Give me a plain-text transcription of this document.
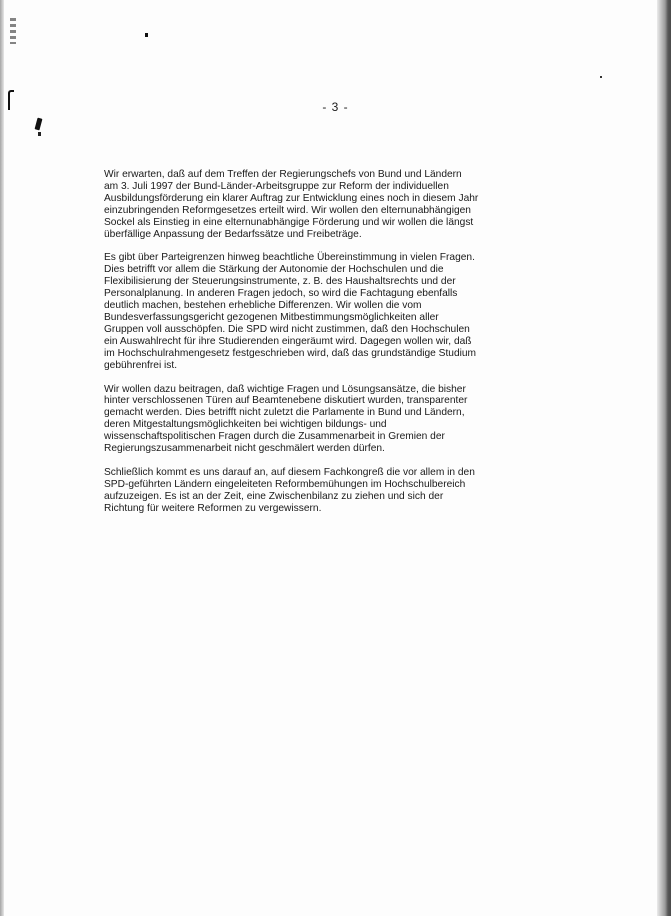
- 3 -

Wir erwarten, daß auf dem Treffen der Regierungschefs von Bund und Ländern
am 3. Juli 1997 der Bund-Länder-Arbeitsgruppe zur Reform der individuellen
Ausbildungsförderung ein klarer Auftrag zur Entwicklung eines noch in diesem Jahr
einzubringenden Reformgesetzes erteilt wird. Wir wollen den elternunabhängigen
Sockel als Einstieg in eine elternunabhängige Förderung und wir wollen die längst
überfällige Anpassung der Bedarfssätze und Freibeträge.

Es gibt über Parteigrenzen hinweg beachtliche Übereinstimmung in vielen Fragen.
Dies betrifft vor allem die Stärkung der Autonomie der Hochschulen und die
Flexibilisierung der Steuerungsinstrumente, z. B. des Haushaltsrechts und der
Personalplanung. In anderen Fragen jedoch, so wird die Fachtagung ebenfalls
deutlich machen, bestehen erhebliche Differenzen. Wir wollen die vom
Bundesverfassungsgericht gezogenen Mitbestimmungsmöglichkeiten aller
Gruppen voll ausschöpfen. Die SPD wird nicht zustimmen, daß den Hochschulen
ein Auswahlrecht für ihre Studierenden eingeräumt wird. Dagegen wollen wir, daß
im Hochschulrahmengesetz festgeschrieben wird, daß das grundständige Studium
gebührenfrei ist.

Wir wollen dazu beitragen, daß wichtige Fragen und Lösungsansätze, die bisher
hinter verschlossenen Türen auf Beamtenebene diskutiert wurden, transparenter
gemacht werden. Dies betrifft nicht zuletzt die Parlamente in Bund und Ländern,
deren Mitgestaltungsmöglichkeiten bei wichtigen bildungs- und
wissenschaftspolitischen Fragen durch die Zusammenarbeit in Gremien der
Regierungszusammenarbeit nicht geschmälert werden dürfen.

Schließlich kommt es uns darauf an, auf diesem Fachkongreß die vor allem in den
SPD-geführten Ländern eingeleiteten Reformbemühungen im Hochschulbereich
aufzuzeigen. Es ist an der Zeit, eine Zwischenbilanz zu ziehen und sich der
Richtung für weitere Reformen zu vergewissern.
